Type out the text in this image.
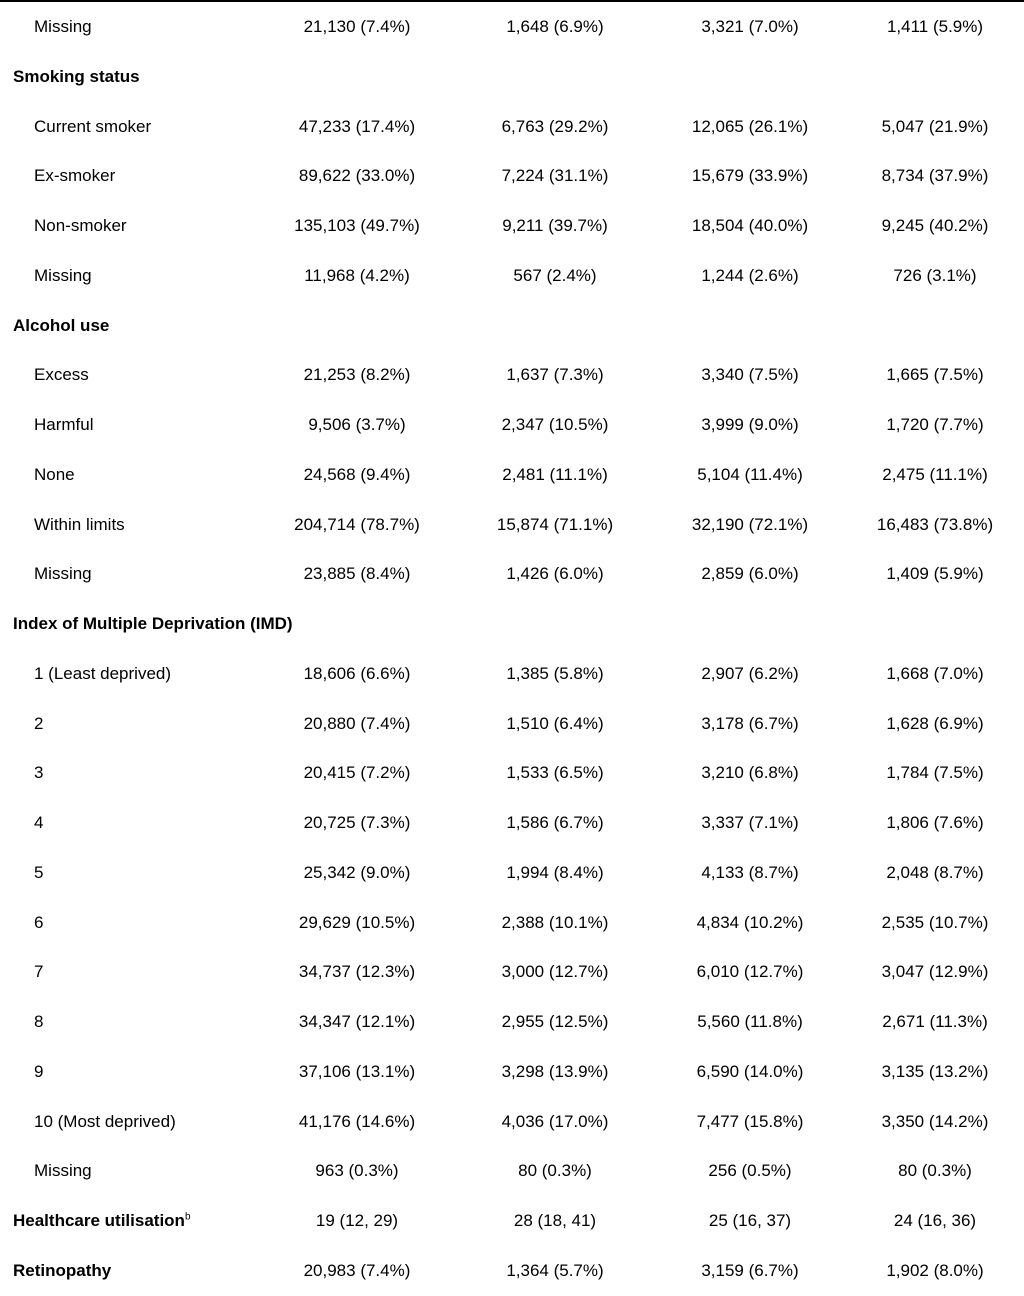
Missing	21,130 (7.4%)	1,648 (6.9%)	3,321 (7.0%)	1,411 (5.9%)
Smoking status
Current smoker	47,233 (17.4%)	6,763 (29.2%)	12,065 (26.1%)	5,047 (21.9%)
Ex-smoker	89,622 (33.0%)	7,224 (31.1%)	15,679 (33.9%)	8,734 (37.9%)
Non-smoker	135,103 (49.7%)	9,211 (39.7%)	18,504 (40.0%)	9,245 (40.2%)
Missing	11,968 (4.2%)	567 (2.4%)	1,244 (2.6%)	726 (3.1%)
Alcohol use
Excess	21,253 (8.2%)	1,637 (7.3%)	3,340 (7.5%)	1,665 (7.5%)
Harmful	9,506 (3.7%)	2,347 (10.5%)	3,999 (9.0%)	1,720 (7.7%)
None	24,568 (9.4%)	2,481 (11.1%)	5,104 (11.4%)	2,475 (11.1%)
Within limits	204,714 (78.7%)	15,874 (71.1%)	32,190 (72.1%)	16,483 (73.8%)
Missing	23,885 (8.4%)	1,426 (6.0%)	2,859 (6.0%)	1,409 (5.9%)
Index of Multiple Deprivation (IMD)
1 (Least deprived)	18,606 (6.6%)	1,385 (5.8%)	2,907 (6.2%)	1,668 (7.0%)
2	20,880 (7.4%)	1,510 (6.4%)	3,178 (6.7%)	1,628 (6.9%)
3	20,415 (7.2%)	1,533 (6.5%)	3,210 (6.8%)	1,784 (7.5%)
4	20,725 (7.3%)	1,586 (6.7%)	3,337 (7.1%)	1,806 (7.6%)
5	25,342 (9.0%)	1,994 (8.4%)	4,133 (8.7%)	2,048 (8.7%)
6	29,629 (10.5%)	2,388 (10.1%)	4,834 (10.2%)	2,535 (10.7%)
7	34,737 (12.3%)	3,000 (12.7%)	6,010 (12.7%)	3,047 (12.9%)
8	34,347 (12.1%)	2,955 (12.5%)	5,560 (11.8%)	2,671 (11.3%)
9	37,106 (13.1%)	3,298 (13.9%)	6,590 (14.0%)	3,135 (13.2%)
10 (Most deprived)	41,176 (14.6%)	4,036 (17.0%)	7,477 (15.8%)	3,350 (14.2%)
Missing	963 (0.3%)	80 (0.3%)	256 (0.5%)	80 (0.3%)
Healthcare utilisation$^b$	19 (12, 29)	28 (18, 41)	25 (16, 37)	24 (16, 36)
Retinopathy	20,983 (7.4%)	1,364 (5.7%)	3,159 (6.7%)	1,902 (8.0%)
